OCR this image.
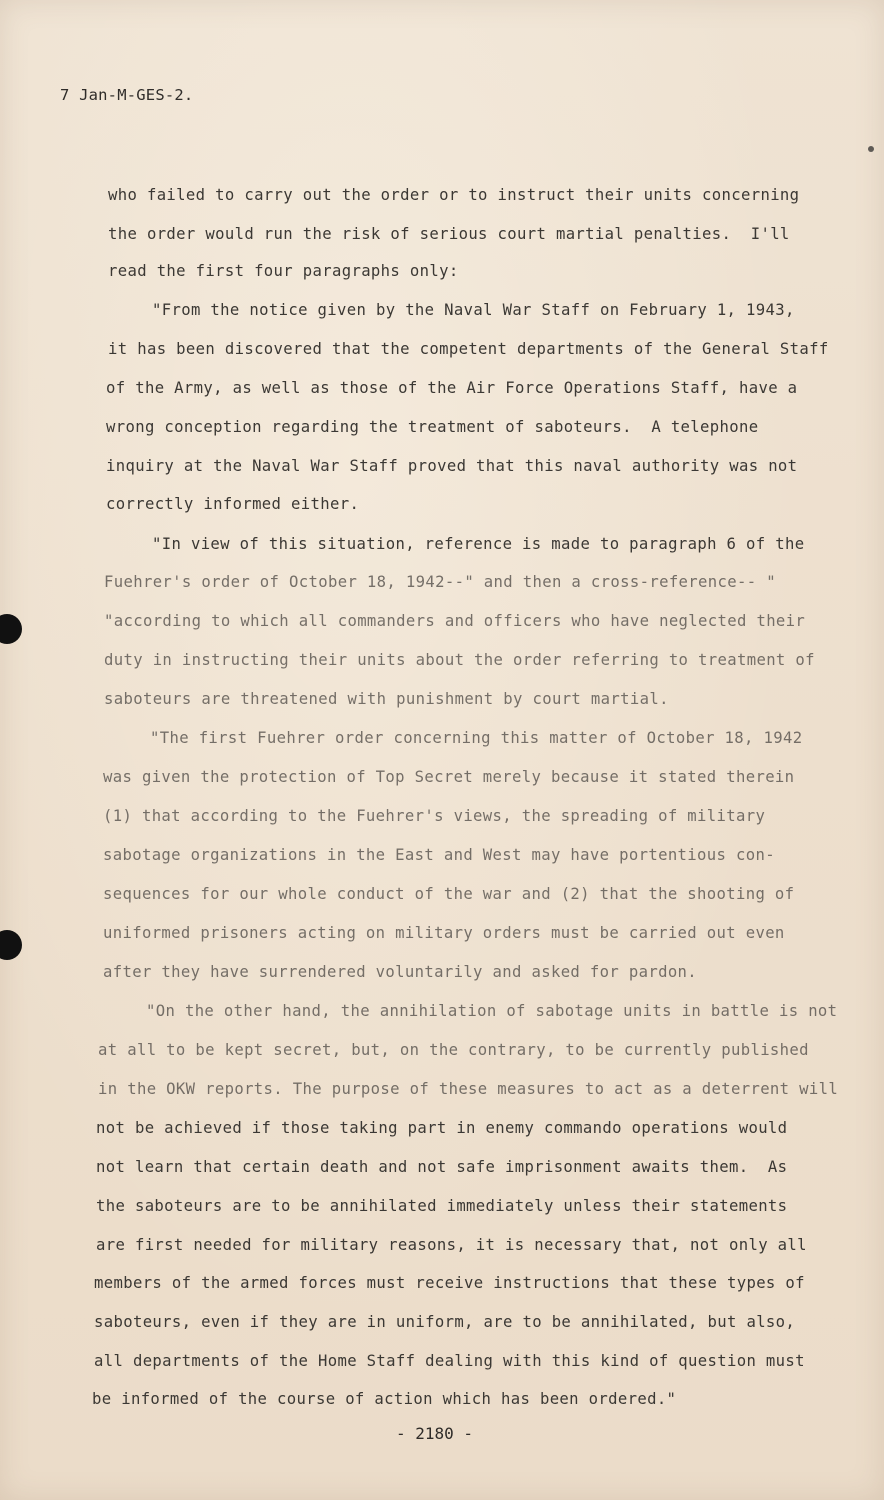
7 Jan-M-GES-2.
who failed to carry out the order or to instruct their units concerning
the order would run the risk of serious court martial penalties.  I'll
read the first four paragraphs only:
"From the notice given by the Naval War Staff on February 1, 1943,
it has been discovered that the competent departments of the General Staff
of the Army, as well as those of the Air Force Operations Staff, have a
wrong conception regarding the treatment of saboteurs.  A telephone
inquiry at the Naval War Staff proved that this naval authority was not
correctly informed either.
"In view of this situation, reference is made to paragraph 6 of the
Fuehrer's order of October 18, 1942--" and then a cross-reference-- "
"according to which all commanders and officers who have neglected their
duty in instructing their units about the order referring to treatment of
saboteurs are threatened with punishment by court martial.
"The first Fuehrer order concerning this matter of October 18, 1942
was given the protection of Top Secret merely because it stated therein
(1) that according to the Fuehrer's views, the spreading of military
sabotage organizations in the East and West may have portentious con-
sequences for our whole conduct of the war and (2) that the shooting of
uniformed prisoners acting on military orders must be carried out even
after they have surrendered voluntarily and asked for pardon.
"On the other hand, the annihilation of sabotage units in battle is not
at all to be kept secret, but, on the contrary, to be currently published
in the OKW reports. The purpose of these measures to act as a deterrent will
not be achieved if those taking part in enemy commando operations would
not learn that certain death and not safe imprisonment awaits them.  As
the saboteurs are to be annihilated immediately unless their statements
are first needed for military reasons, it is necessary that, not only all
members of the armed forces must receive instructions that these types of
saboteurs, even if they are in uniform, are to be annihilated, but also,
all departments of the Home Staff dealing with this kind of question must
be informed of the course of action which has been ordered."
- 2180 -
